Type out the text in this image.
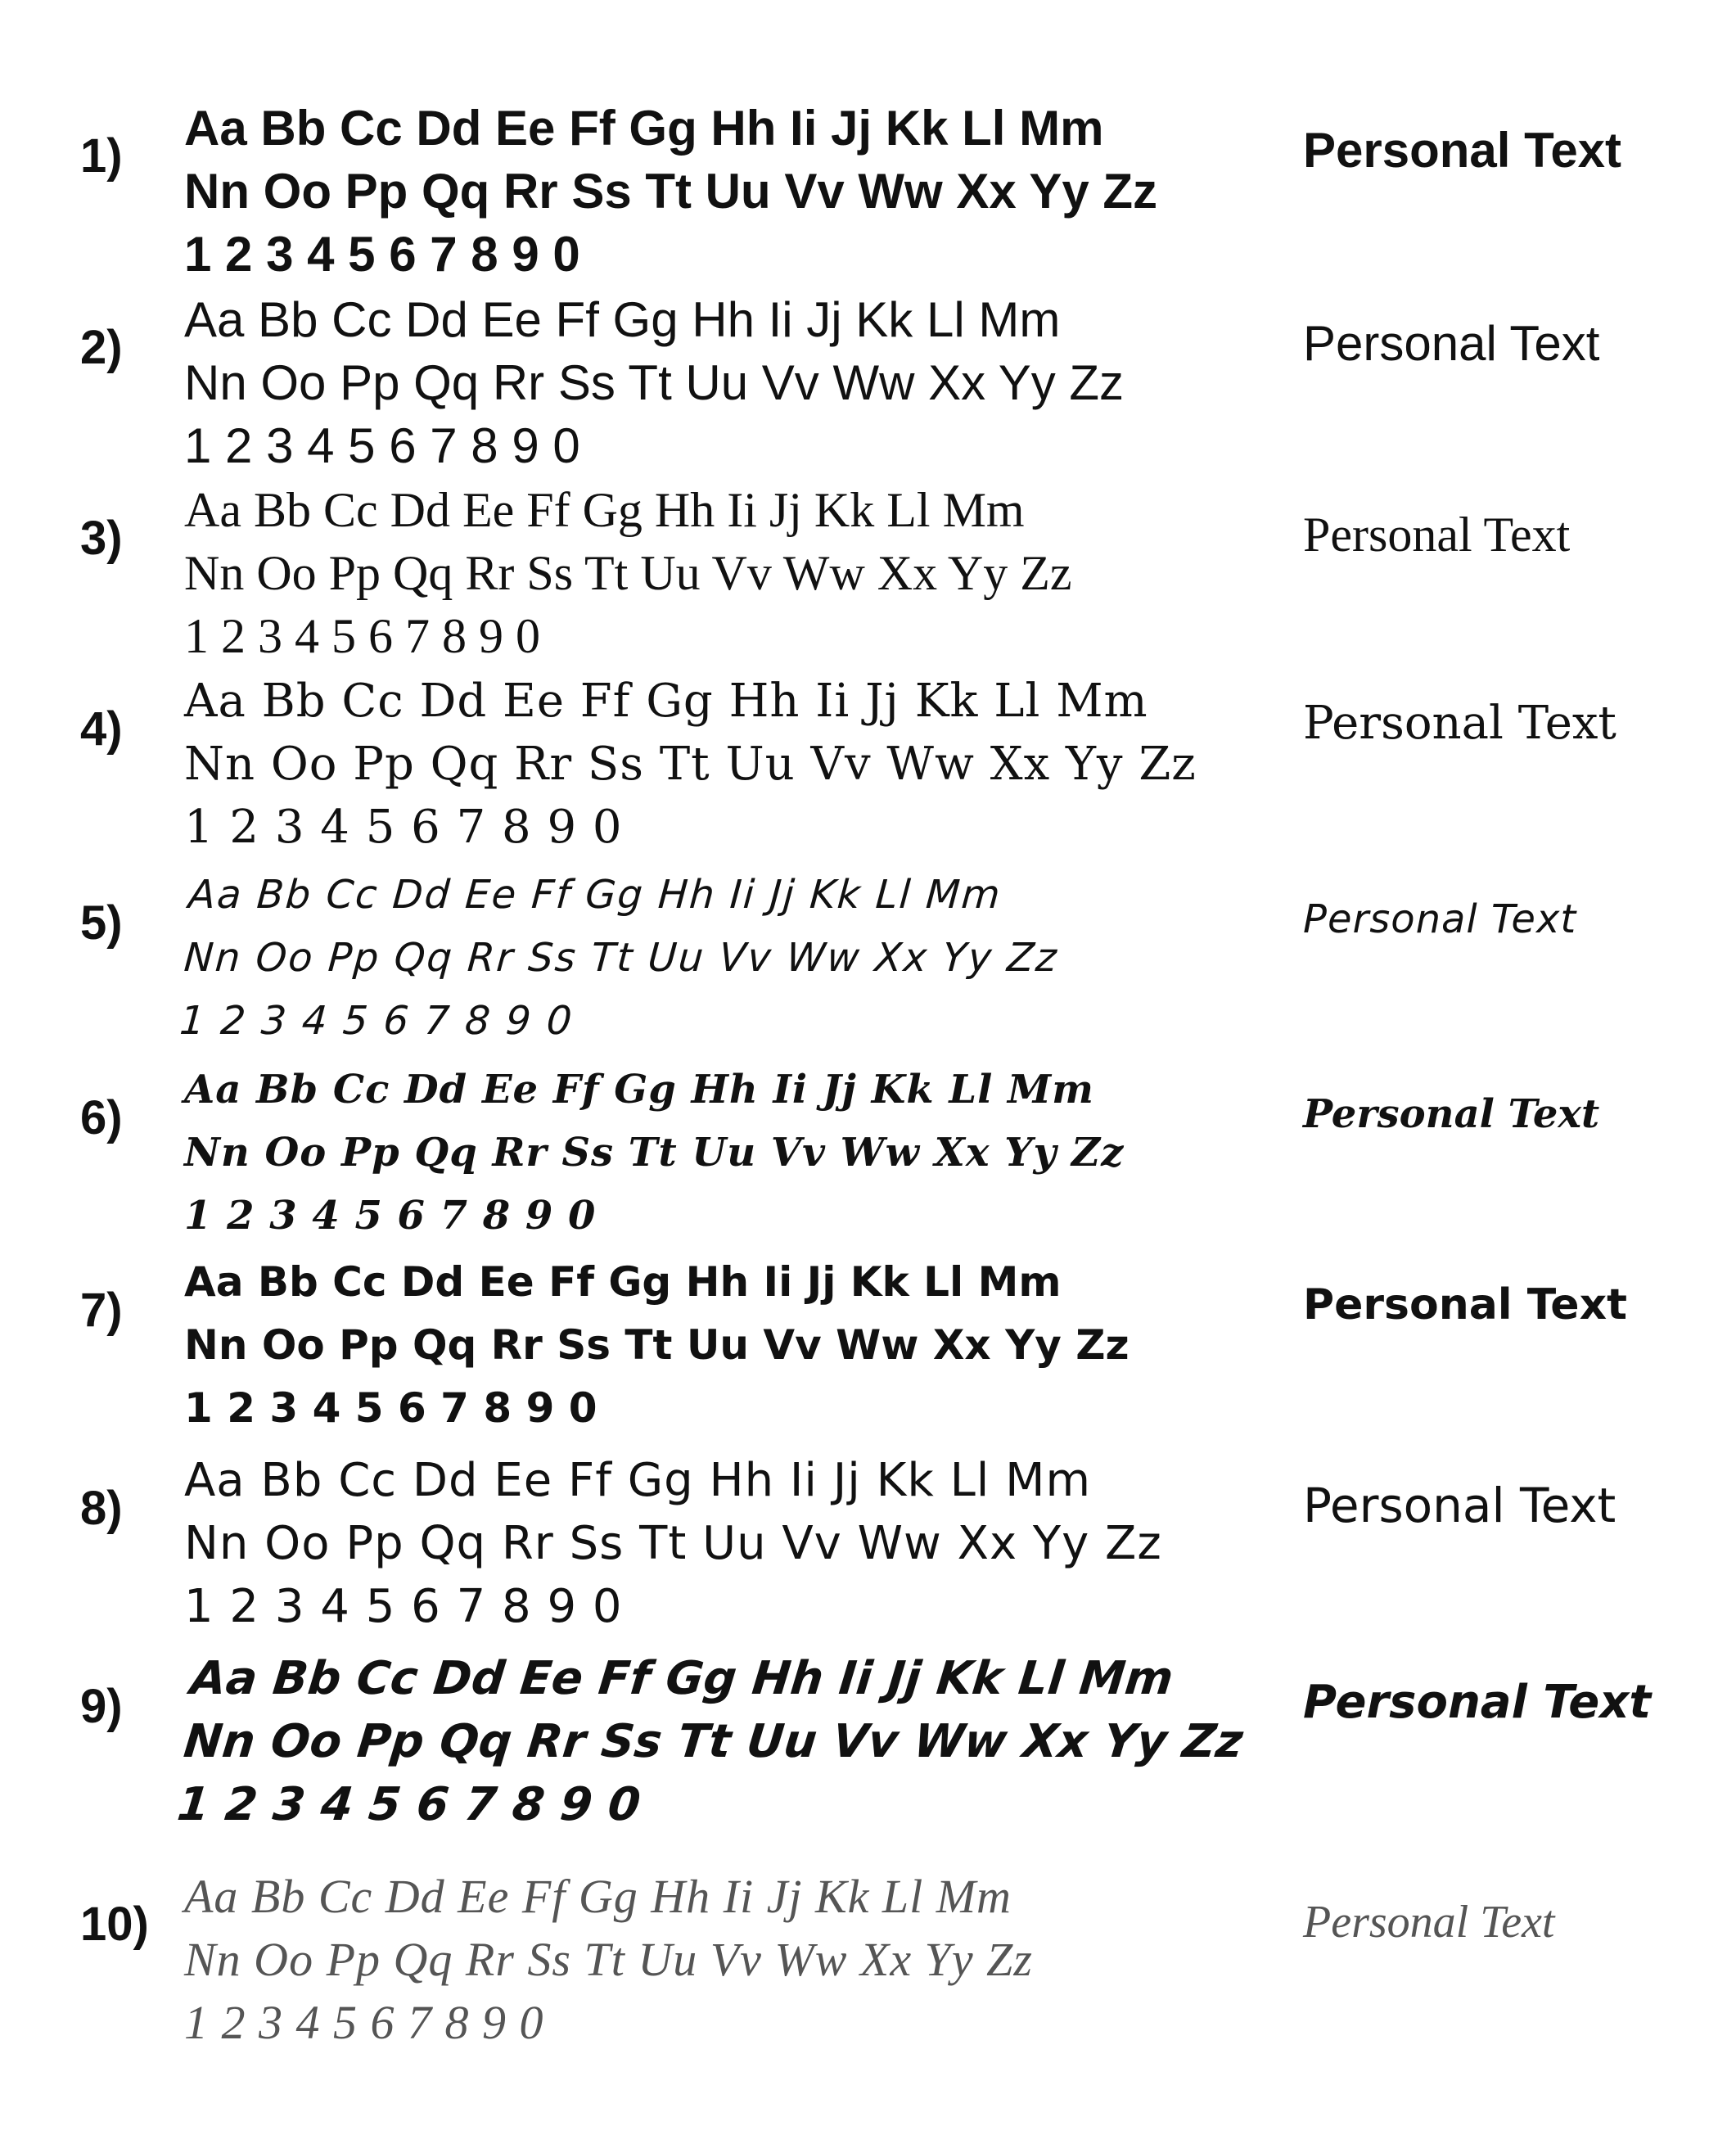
1)
Aa Bb Cc Dd Ee Ff Gg Hh Ii Jj Kk Ll Mm
Nn Oo Pp Qq Rr Ss Tt Uu Vv Ww Xx Yy Zz
1 2 3 4 5 6 7 8 9 0
Personal Text
2)
Aa Bb Cc Dd Ee Ff Gg Hh Ii Jj Kk Ll Mm
Nn Oo Pp Qq Rr Ss Tt Uu Vv Ww Xx Yy Zz
1 2 3 4 5 6 7 8 9 0
Personal Text
3)
Aa Bb Cc Dd Ee Ff Gg Hh Ii Jj Kk Ll Mm
Nn Oo Pp Qq Rr Ss Tt Uu Vv Ww Xx Yy Zz
1 2 3 4 5 6 7 8 9 0
Personal Text
4)
Aa Bb Cc Dd Ee Ff Gg Hh Ii Jj Kk Ll Mm
Nn Oo Pp Qq Rr Ss Tt Uu Vv Ww Xx Yy Zz
1 2 3 4 5 6 7 8 9 0
Personal Text
5)
Aa Bb Cc Dd Ee Ff Gg Hh Ii Jj Kk Ll Mm
Nn Oo Pp Qq Rr Ss Tt Uu Vv Ww Xx Yy Zz
1 2 3 4 5 6 7 8 9 0
Personal Text
6)
Aa Bb Cc Dd Ee Ff Gg Hh Ii Jj Kk Ll Mm
Nn Oo Pp Qq Rr Ss Tt Uu Vv Ww Xx Yy Zz
1 2 3 4 5 6 7 8 9 0
Personal Text
7)
Aa Bb Cc Dd Ee Ff Gg Hh Ii Jj Kk Ll Mm
Nn Oo Pp Qq Rr Ss Tt Uu Vv Ww Xx Yy Zz
1 2 3 4 5 6 7 8 9 0
Personal Text
8)
Aa Bb Cc Dd Ee Ff Gg Hh Ii Jj Kk Ll Mm
Nn Oo Pp Qq Rr Ss Tt Uu Vv Ww Xx Yy Zz
1 2 3 4 5 6 7 8 9 0
Personal Text
9)
Aa Bb Cc Dd Ee Ff Gg Hh Ii Jj Kk Ll Mm
Nn Oo Pp Qq Rr Ss Tt Uu Vv Ww Xx Yy Zz
1 2 3 4 5 6 7 8 9 0
Personal Text
10)
Aa Bb Cc Dd Ee Ff Gg Hh Ii Jj Kk Ll Mm
Nn Oo Pp Qq Rr Ss Tt Uu Vv Ww Xx Yy Zz
1 2 3 4 5 6 7 8 9 0
Personal Text
